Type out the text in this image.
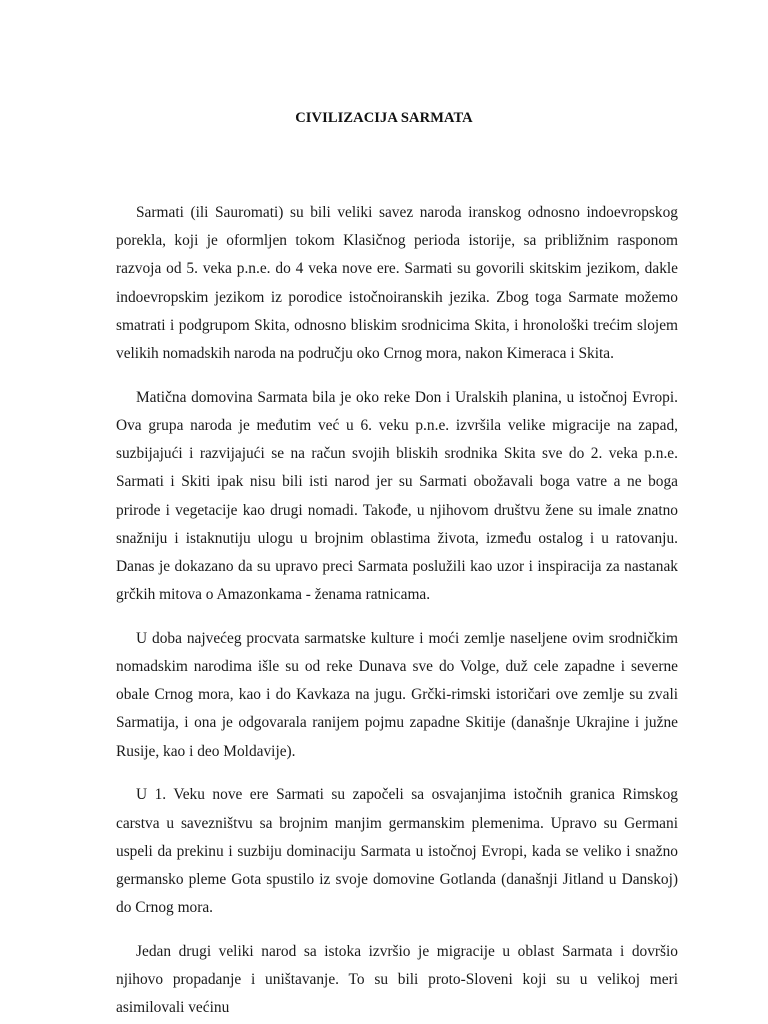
CIVILIZACIJA SARMATA

Sarmati (ili Sauromati) su bili veliki savez naroda iranskog odnosno indoevropskog porekla, koji je oformljen tokom Klasičnog perioda istorije, sa približnim rasponom razvoja od 5. veka p.n.e. do 4 veka nove ere. Sarmati su govorili skitskim jezikom, dakle indoevropskim jezikom iz porodice istočnoiranskih jezika. Zbog toga Sarmate možemo smatrati i podgrupom Skita, odnosno bliskim srodnicima Skita, i hronološki trećim slojem velikih nomadskih naroda na području oko Crnog mora, nakon Kimeraca i Skita.

Matična domovina Sarmata bila je oko reke Don i Uralskih planina, u istočnoj Evropi. Ova grupa naroda je međutim već u 6. veku p.n.e. izvršila velike migracije na zapad, suzbijajući i razvijajući se na račun svojih bliskih srodnika Skita sve do 2. veka p.n.e. Sarmati i Skiti ipak nisu bili isti narod jer su Sarmati obožavali boga vatre a ne boga prirode i vegetacije kao drugi nomadi. Takođe, u njihovom društvu žene su imale znatno snažniju i istaknutiju ulogu u brojnim oblastima života, između ostalog i u ratovanju. Danas je dokazano da su upravo preci Sarmata poslužili kao uzor i inspiracija za nastanak grčkih mitova o Amazonkama - ženama ratnicama.

U doba najvećeg procvata sarmatske kulture i moći zemlje naseljene ovim srodničkim nomadskim narodima išle su od reke Dunava sve do Volge, duž cele zapadne i severne obale Crnog mora, kao i do Kavkaza na jugu. Grčki-rimski istoričari ove zemlje su zvali Sarmatija, i ona je odgovarala ranijem pojmu zapadne Skitije (današnje Ukrajine i južne Rusije, kao i deo Moldavije).

U 1. Veku nove ere Sarmati su započeli sa osvajanjima istočnih granica Rimskog carstva u savezništvu sa brojnim manjim germanskim plemenima. Upravo su Germani uspeli da prekinu i suzbiju dominaciju Sarmata u istočnoj Evropi, kada se veliko i snažno germansko pleme Gota spustilo iz svoje domovine Gotlanda (današnji Jitland u Danskoj) do Crnog mora.

Jedan drugi veliki narod sa istoka izvršio je migracije u oblast Sarmata i dovršio njihovo propadanje i uništavanje. To su bili proto-Sloveni koji su u velikoj meri asimilovali većinu
